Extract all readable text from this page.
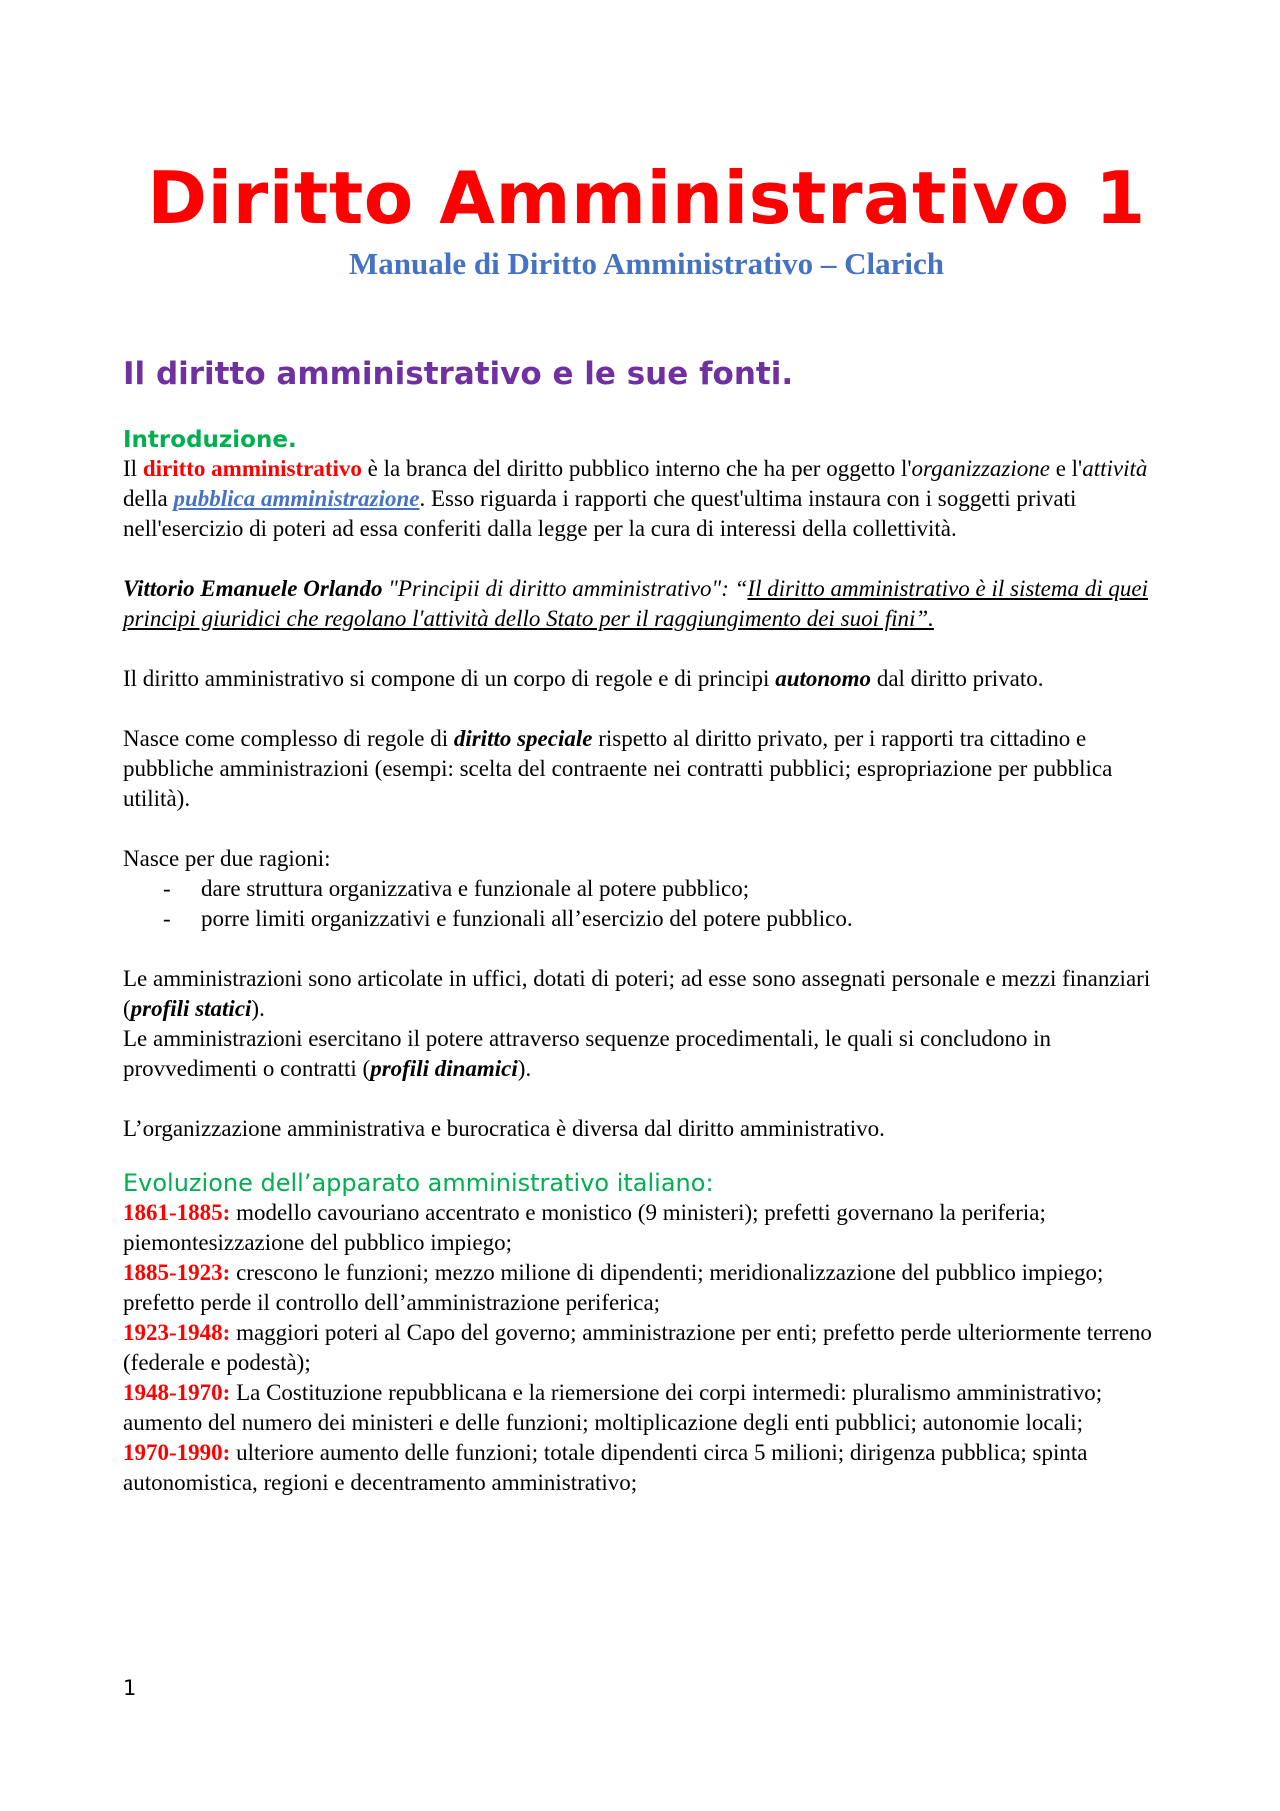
Diritto Amministrativo 1

Manuale di Diritto Amministrativo – Clarich

Il diritto amministrativo e le sue fonti.
Introduzione.

Il diritto amministrativo è la branca del diritto pubblico interno che ha per oggetto l'organizzazione e l'attività della pubblica amministrazione. Esso riguarda i rapporti che quest'ultima instaura con i soggetti privati nell'esercizio di poteri ad essa conferiti dalla legge per la cura di interessi della collettività.

Vittorio Emanuele Orlando "Principii di diritto amministrativo": “Il diritto amministrativo è il sistema di quei principi giuridici che regolano l'attività dello Stato per il raggiungimento dei suoi fini”.

Il diritto amministrativo si compone di un corpo di regole e di principi autonomo dal diritto privato.

Nasce come complesso di regole di diritto speciale rispetto al diritto privato, per i rapporti tra cittadino e pubbliche amministrazioni (esempi: scelta del contraente nei contratti pubblici; espropriazione per pubblica utilità).

Nasce per due ragioni:

- dare struttura organizzativa e funzionale al potere pubblico;
- porre limiti organizzativi e funzionali all’esercizio del potere pubblico.

Le amministrazioni sono articolate in uffici, dotati di poteri; ad esse sono assegnati personale e mezzi finanziari (profili statici).

Le amministrazioni esercitano il potere attraverso sequenze procedimentali, le quali si concludono in provvedimenti o contratti (profili dinamici).

L’organizzazione amministrativa e burocratica è diversa dal diritto amministrativo.

Evoluzione dell’apparato amministrativo italiano:

1861-1885: modello cavouriano accentrato e monistico (9 ministeri); prefetti governano la periferia; piemontesizzazione del pubblico impiego;

1885-1923: crescono le funzioni; mezzo milione di dipendenti; meridionalizzazione del pubblico impiego; prefetto perde il controllo dell’amministrazione periferica;

1923-1948: maggiori poteri al Capo del governo; amministrazione per enti; prefetto perde ulteriormente terreno (federale e podestà);

1948-1970: La Costituzione repubblicana e la riemersione dei corpi intermedi: pluralismo amministrativo; aumento del numero dei ministeri e delle funzioni; moltiplicazione degli enti pubblici; autonomie locali;

1970-1990: ulteriore aumento delle funzioni; totale dipendenti circa 5 milioni; dirigenza pubblica; spinta autonomistica, regioni e decentramento amministrativo;

1
